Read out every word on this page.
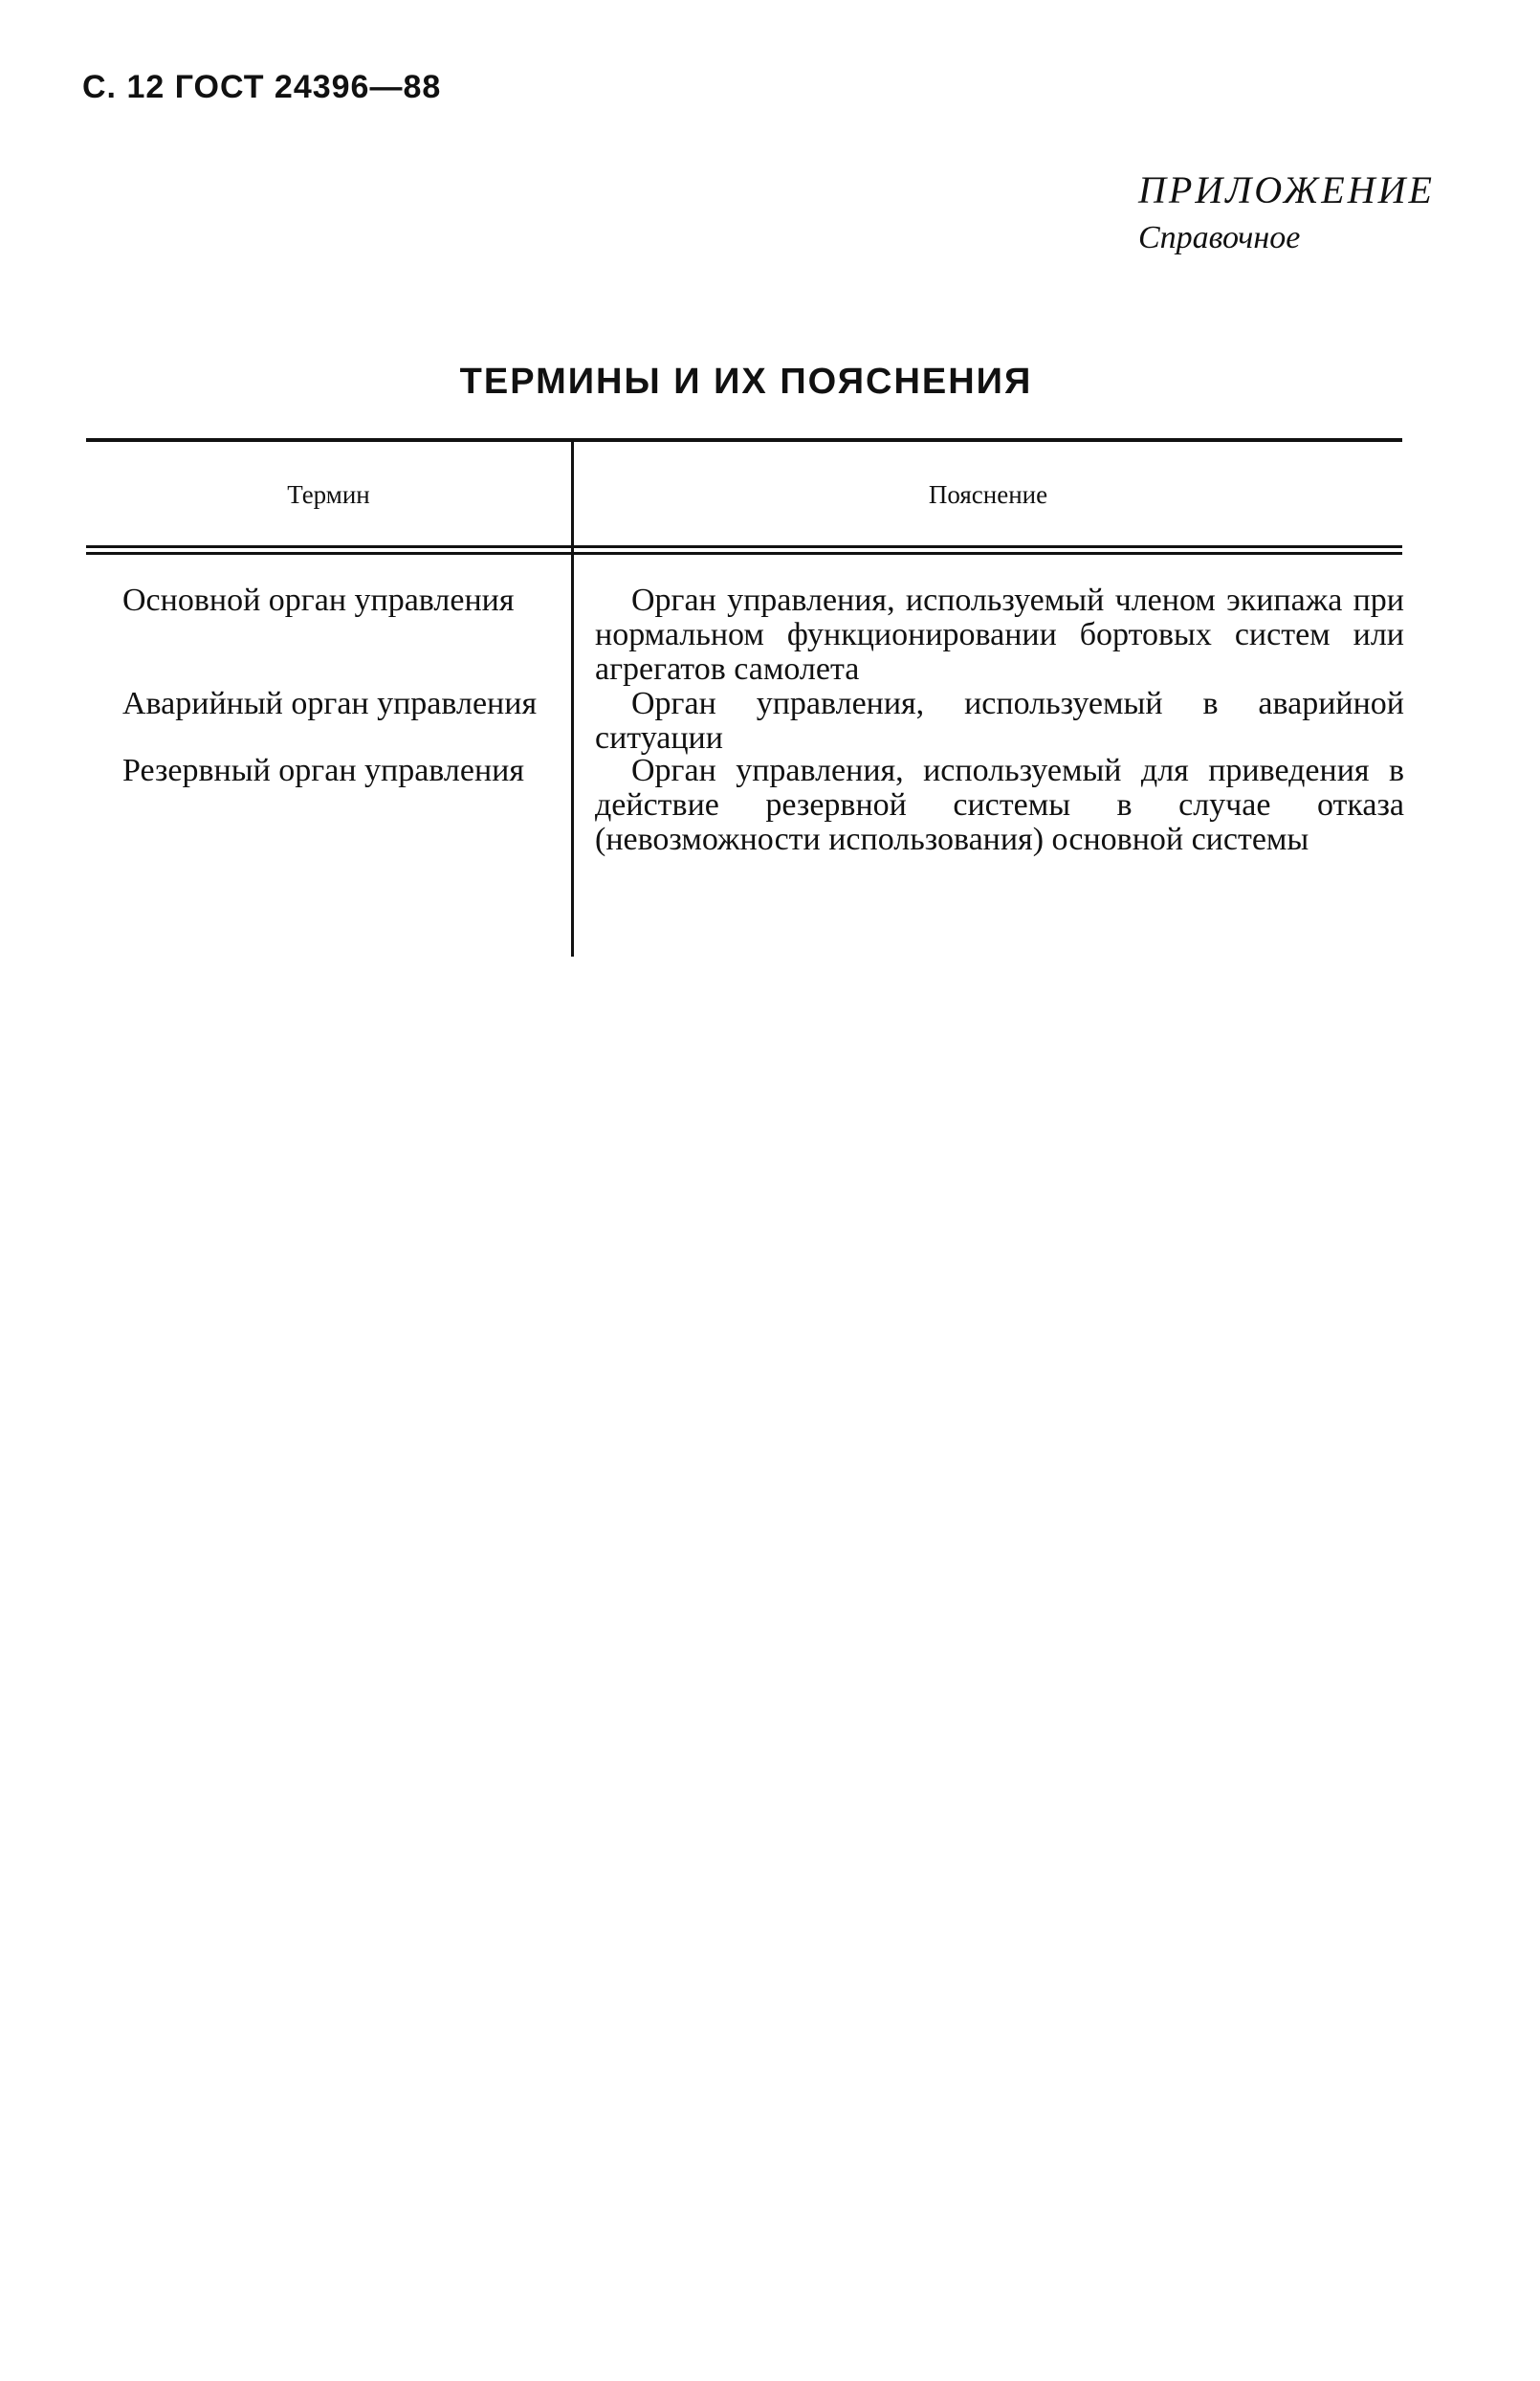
С. 12 ГОСТ 24396—88
ПРИЛОЖЕНИЕ
Справочное
ТЕРМИНЫ И ИХ ПОЯСНЕНИЯ
Термин	Пояснение
Основной орган управления	Орган управления, используемый членом экипажа при нормальном функционировании бортовых систем или агрегатов самолета
Аварийный орган управления	Орган управления, используемый в аварийной ситуации
Резервный орган управления	Орган управления, используемый для приведения в действие резервной системы в случае отказа (невозможности использования) основной системы
